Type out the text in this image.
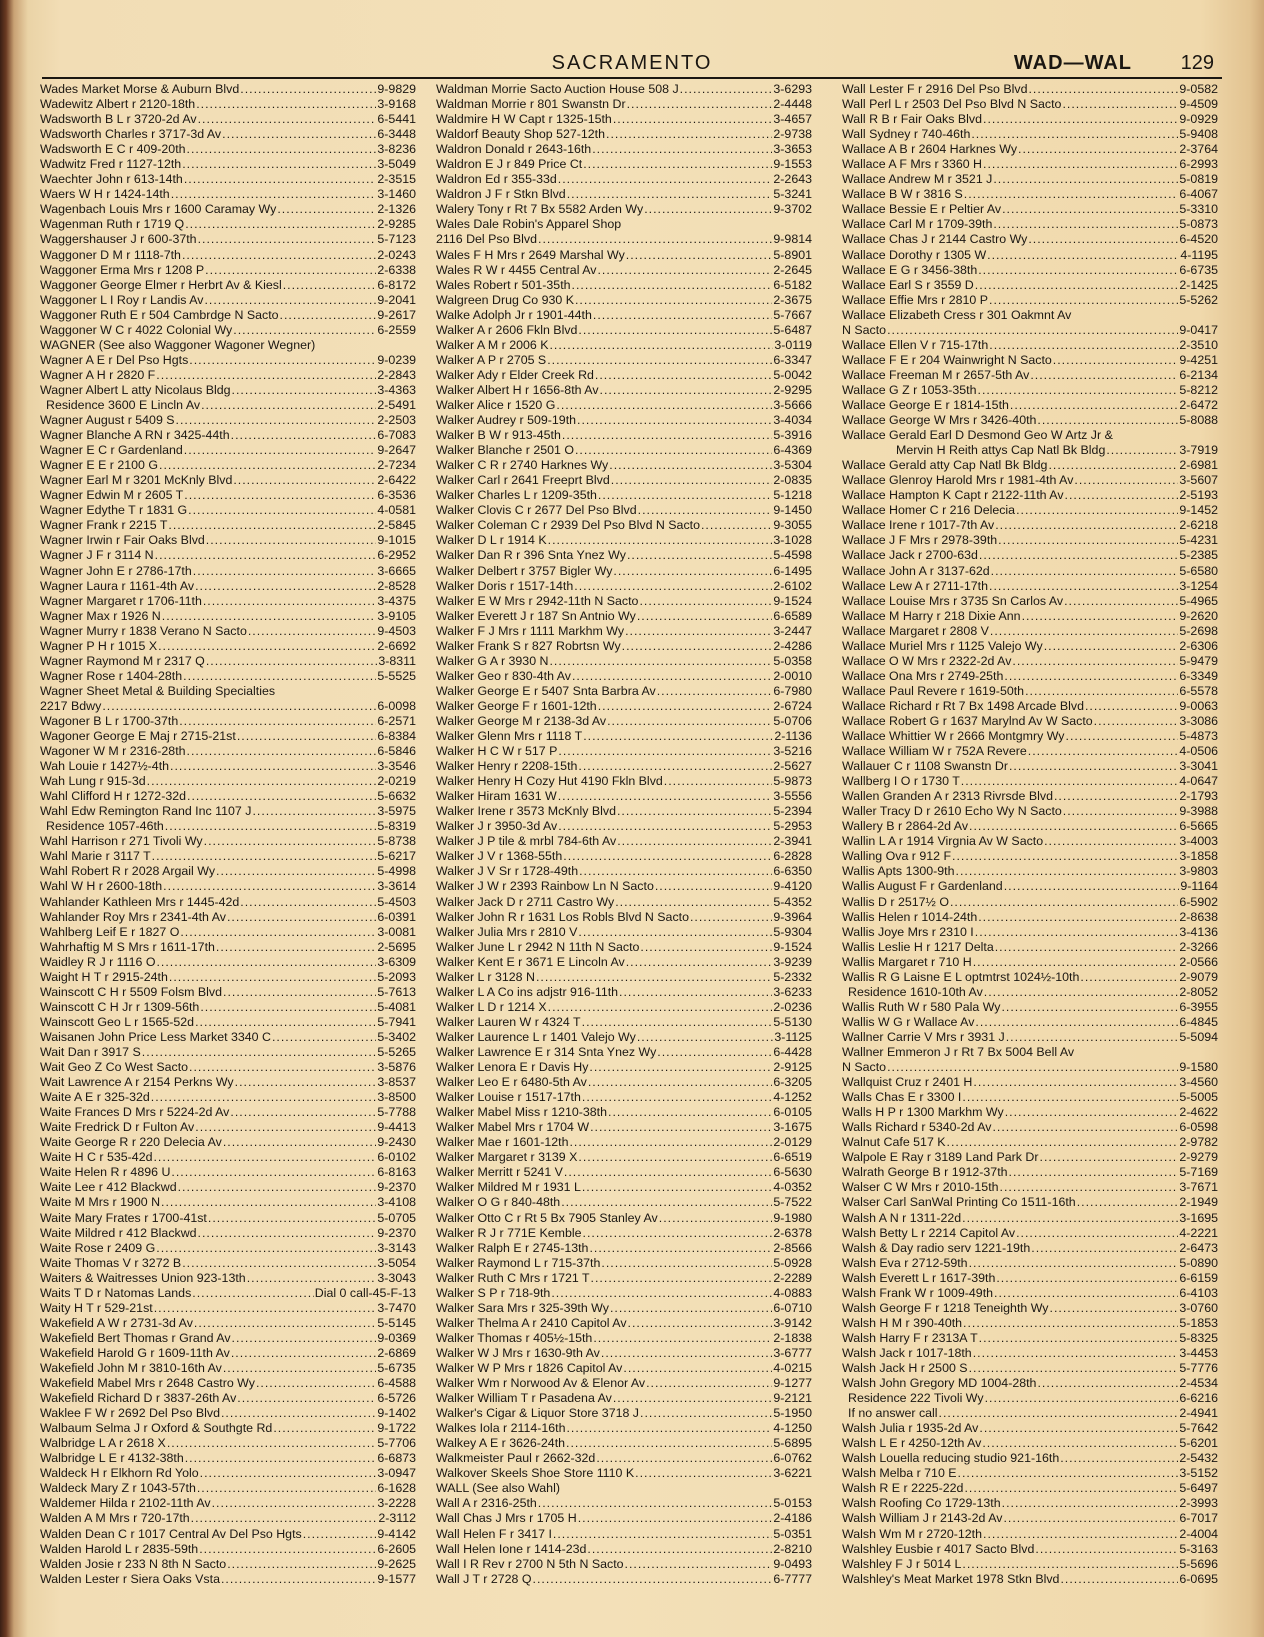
SACRAMENTO	WAD—WAL 129
Wades Market Morse & Auburn Blvd .....	9-9829
Wadewitz Albert r 2120-18th .....	3-9168
Wadsworth B L r 3720-2d Av .....	6-5441
Wadsworth Charles r 3717-3d Av .....	6-3448
Wadsworth E C r 409-20th .....	3-8236
Wadwitz Fred r 1127-12th .....	3-5049
Waechter John r 613-14th .....	2-3515
Waers W H r 1424-14th .....	3-1460
Wagenbach Louis Mrs r 1600 Caramay Wy .....	2-1326
Wagenman Ruth r 1719 Q .....	2-9285
Waggershauser J r 600-37th .....	5-7123
Waggoner D M r 1118-7th .....	2-0243
Waggoner Erma Mrs r 1208 P .....	2-6338
Waggoner George Elmer r Herbrt Av & Kiesl .....	6-8172
Waggoner L I Roy r Landis Av .....	9-2041
Waggoner Ruth E r 504 Cambrdge N Sacto .....	9-2617
Waggoner W C r 4022 Colonial Wy .....	6-2559
WAGNER (See also Waggoner Wagoner Wegner)
Wagner A E r Del Pso Hgts .....	9-0239
Wagner A H r 2820 F .....	2-2843
Wagner Albert L atty Nicolaus Bldg .....	3-4363
Residence 3600 E Lincln Av .....	2-5491
Wagner August r 5409 S .....	2-2503
Wagner Blanche A RN r 3425-44th .....	6-7083
Wagner E C r Gardenland .....	9-2647
Wagner E E r 2100 G .....	2-7234
Wagner Earl M r 3201 McKnly Blvd .....	2-6422
Wagner Edwin M r 2605 T .....	6-3536
Wagner Edythe T r 1831 G .....	4-0581
Wagner Frank r 2215 T .....	2-5845
Wagner Irwin r Fair Oaks Blvd .....	9-1015
Wagner J F r 3114 N .....	6-2952
Wagner John E r 2786-17th .....	3-6665
Wagner Laura r 1161-4th Av .....	2-8528
Wagner Margaret r 1706-11th .....	3-4375
Wagner Max r 1926 N .....	3-9105
Wagner Murry r 1838 Verano N Sacto .....	9-4503
Wagner P H r 1015 X .....	2-6692
Wagner Raymond M r 2317 Q .....	3-8311
Wagner Rose r 1404-28th .....	5-5525
Wagner Sheet Metal & Building Specialties
2217 Bdwy .....	6-0098
Wagoner B L r 1700-37th .....	6-2571
Wagoner George E Maj r 2715-21st .....	6-8384
Wagoner W M r 2316-28th .....	6-5846
Wah Louie r 1427½-4th .....	3-3546
Wah Lung r 915-3d .....	2-0219
Wahl Clifford H r 1272-32d .....	5-6632
Wahl Edw Remington Rand Inc 1107 J .....	3-5975
Residence 1057-46th .....	5-8319
Wahl Harrison r 271 Tivoli Wy .....	5-8738
Wahl Marie r 3117 T .....	5-6217
Wahl Robert R r 2028 Argail Wy .....	5-4998
Wahl W H r 2600-18th .....	3-3614
Wahlander Kathleen Mrs r 1445-42d .....	5-4503
Wahlander Roy Mrs r 2341-4th Av .....	6-0391
Wahlberg Leif E r 1827 O .....	3-0081
Wahrhaftig M S Mrs r 1611-17th .....	2-5695
Waidley R J r 1116 O .....	3-6309
Waight H T r 2915-24th .....	5-2093
Wainscott C H r 5509 Folsm Blvd .....	5-7613
Wainscott C H Jr r 1309-56th .....	5-4081
Wainscott Geo L r 1565-52d .....	5-7941
Waisanen John Price Less Market 3340 C .....	5-3402
Wait Dan r 3917 S .....	5-5265
Wait Geo Z Co West Sacto .....	3-5876
Wait Lawrence A r 2154 Perkns Wy .....	3-8537
Waite A E r 325-32d .....	3-8500
Waite Frances D Mrs r 5224-2d Av .....	5-7788
Waite Fredrick D r Fulton Av .....	9-4413
Waite George R r 220 Delecia Av .....	9-2430
Waite H C r 535-42d .....	6-0102
Waite Helen R r 4896 U .....	6-8163
Waite Lee r 412 Blackwd .....	9-2370
Waite M Mrs r 1900 N .....	3-4108
Waite Mary Frates r 1700-41st .....	5-0705
Waite Mildred r 412 Blackwd .....	9-2370
Waite Rose r 2409 G .....	3-3143
Waite Thomas V r 3272 B .....	3-5054
Waiters & Waitresses Union 923-13th .....	3-3043
Waits T D r Natomas Lands .....	Dial 0 call-45-F-13
Waity H T r 529-21st .....	3-7470
Wakefield A W r 2731-3d Av .....	5-5145
Wakefield Bert Thomas r Grand Av .....	9-0369
Wakefield Harold G r 1609-11th Av .....	2-6869
Wakefield John M r 3810-16th Av .....	5-6735
Wakefield Mabel Mrs r 2648 Castro Wy .....	6-4588
Wakefield Richard D r 3837-26th Av .....	6-5726
Waklee F W r 2692 Del Pso Blvd .....	9-1402
Walbaum Selma J r Oxford & Southgte Rd .....	9-1722
Walbridge L A r 2618 X .....	5-7706
Walbridge L E r 4132-38th .....	6-6873
Waldeck H r Elkhorn Rd Yolo .....	3-0947
Waldeck Mary Z r 1043-57th .....	6-1628
Waldemer Hilda r 2102-11th Av .....	3-2228
Walden A M Mrs r 720-17th .....	2-3112
Walden Dean C r 1017 Central Av Del Pso Hgts .....	9-4142
Walden Harold L r 2835-59th .....	6-2605
Walden Josie r 233 N 8th N Sacto .....	9-2625
Walden Lester r Siera Oaks Vsta .....	9-1577
Waldman Morrie Sacto Auction House 508 J .....	3-6293
Waldman Morrie r 801 Swanstn Dr .....	2-4448
Waldmire H W Capt r 1325-15th .....	3-4657
Waldorf Beauty Shop 527-12th .....	2-9738
Waldron Donald r 2643-16th .....	3-3653
Waldron E J r 849 Price Ct .....	9-1553
Waldron Ed r 355-33d .....	2-2643
Waldron J F r Stkn Blvd .....	5-3241
Walery Tony r Rt 7 Bx 5582 Arden Wy .....	9-3702
Wales Dale Robin's Apparel Shop
2116 Del Pso Blvd .....	9-9814
Wales F H Mrs r 2649 Marshal Wy .....	5-8901
Wales R W r 4455 Central Av .....	2-2645
Wales Robert r 501-35th .....	6-5182
Walgreen Drug Co 930 K .....	2-3675
Walke Adolph Jr r 1901-44th .....	5-7667
Walker A r 2606 Fkln Blvd .....	5-6487
Walker A M r 2006 K .....	3-0119
Walker A P r 2705 S .....	6-3347
Walker Ady r Elder Creek Rd .....	5-0042
Walker Albert H r 1656-8th Av .....	2-9295
Walker Alice r 1520 G .....	3-5666
Walker Audrey r 509-19th .....	3-4034
Walker B W r 913-45th .....	5-3916
Walker Blanche r 2501 O .....	6-4369
Walker C R r 2740 Harknes Wy .....	3-5304
Walker Carl r 2641 Freeprt Blvd .....	2-0835
Walker Charles L r 1209-35th .....	5-1218
Walker Clovis C r 2677 Del Pso Blvd .....	9-1450
Walker Coleman C r 2939 Del Pso Blvd N Sacto .....	9-3055
Walker D L r 1914 K .....	3-1028
Walker Dan R r 396 Snta Ynez Wy .....	5-4598
Walker Delbert r 3757 Bigler Wy .....	6-1495
Walker Doris r 1517-14th .....	2-6102
Walker E W Mrs r 2942-11th N Sacto .....	9-1524
Walker Everett J r 187 Sn Antnio Wy .....	6-6589
Walker F J Mrs r 1111 Markhm Wy .....	3-2447
Walker Frank S r 827 Robrtsn Wy .....	2-4286
Walker G A r 3930 N .....	5-0358
Walker Geo r 830-4th Av .....	2-0010
Walker George E r 5407 Snta Barbra Av .....	6-7980
Walker George F r 1601-12th .....	2-6724
Walker George M r 2138-3d Av .....	5-0706
Walker Glenn Mrs r 1118 T .....	2-1136
Walker H C W r 517 P .....	3-5216
Walker Henry r 2208-15th .....	2-5627
Walker Henry H Cozy Hut 4190 Fkln Blvd .....	5-9873
Walker Hiram 1631 W .....	3-5556
Walker Irene r 3573 McKnly Blvd .....	5-2394
Walker J r 3950-3d Av .....	5-2953
Walker J P tile & mrbl 784-6th Av .....	2-3941
Walker J V r 1368-55th .....	6-2828
Walker J V Sr r 1728-49th .....	6-6350
Walker J W r 2393 Rainbow Ln N Sacto .....	9-4120
Walker Jack D r 2711 Castro Wy .....	5-4352
Walker John R r 1631 Los Robls Blvd N Sacto .....	9-3964
Walker Julia Mrs r 2810 V .....	5-9304
Walker June L r 2942 N 11th N Sacto .....	9-1524
Walker Kent E r 3671 E Lincoln Av .....	3-9239
Walker L r 3128 N .....	5-2332
Walker L A Co ins adjstr 916-11th .....	3-6233
Walker L D r 1214 X .....	2-0236
Walker Lauren W r 4324 T .....	5-5130
Walker Laurence L r 1401 Valejo Wy .....	3-1125
Walker Lawrence E r 314 Snta Ynez Wy .....	6-4428
Walker Lenora E r Davis Hy .....	2-9125
Walker Leo E r 6480-5th Av .....	6-3205
Walker Louise r 1517-17th .....	4-1252
Walker Mabel Miss r 1210-38th .....	6-0105
Walker Mabel Mrs r 1704 W .....	3-1675
Walker Mae r 1601-12th .....	2-0129
Walker Margaret r 3139 X .....	6-6519
Walker Merritt r 5241 V .....	6-5630
Walker Mildred M r 1931 L .....	4-0352
Walker O G r 840-48th .....	5-7522
Walker Otto C r Rt 5 Bx 7905 Stanley Av .....	9-1980
Walker R J r 771E Kemble .....	2-6378
Walker Ralph E r 2745-13th .....	2-8566
Walker Raymond L r 715-37th .....	5-0928
Walker Ruth C Mrs r 1721 T .....	2-2289
Walker S P r 718-9th .....	4-0883
Walker Sara Mrs r 325-39th Wy .....	6-0710
Walker Thelma A r 2410 Capitol Av .....	3-9142
Walker Thomas r 405½-15th .....	2-1838
Walker W J Mrs r 1630-9th Av .....	3-6777
Walker W P Mrs r 1826 Capitol Av .....	4-0215
Walker Wm r Norwood Av & Elenor Av .....	9-1277
Walker William T r Pasadena Av .....	9-2121
Walker's Cigar & Liquor Store 3718 J .....	5-1950
Walkes Iola r 2114-16th .....	4-1250
Walkey A E r 3626-24th .....	5-6895
Walkmeister Paul r 2662-32d .....	6-0762
Walkover Skeels Shoe Store 1110 K .....	3-6221
WALL (See also Wahl)
Wall A r 2316-25th .....	5-0153
Wall Chas J Mrs r 1705 H .....	2-4186
Wall Helen F r 3417 I .....	5-0351
Wall Helen Ione r 1414-23d .....	2-8210
Wall I R Rev r 2700 N 5th N Sacto .....	9-0493
Wall J T r 2728 Q .....	6-7777
Wall Lester F r 2916 Del Pso Blvd .....	9-0582
Wall Perl L r 2503 Del Pso Blvd N Sacto .....	9-4509
Wall R B r Fair Oaks Blvd .....	9-0929
Wall Sydney r 740-46th .....	5-9408
Wallace A B r 2604 Harknes Wy .....	2-3764
Wallace A F Mrs r 3360 H .....	6-2993
Wallace Andrew M r 3521 J .....	5-0819
Wallace B W r 3816 S .....	6-4067
Wallace Bessie E r Peltier Av .....	5-3310
Wallace Carl M r 1709-39th .....	5-0873
Wallace Chas J r 2144 Castro Wy .....	6-4520
Wallace Dorothy r 1305 W .....	4-1195
Wallace E G r 3456-38th .....	6-6735
Wallace Earl S r 3559 D .....	2-1425
Wallace Effie Mrs r 2810 P .....	5-5262
Wallace Elizabeth Cress r 301 Oakmnt Av
N Sacto .....	9-0417
Wallace Ellen V r 715-17th .....	2-3510
Wallace F E r 204 Wainwright N Sacto .....	9-4251
Wallace Freeman M r 2657-5th Av .....	6-2134
Wallace G Z r 1053-35th .....	5-8212
Wallace George E r 1814-15th .....	2-6472
Wallace George W Mrs r 3426-40th .....	5-8088
Wallace Gerald Earl D Desmond Geo W Artz Jr &
Mervin H Reith attys Cap Natl Bk Bldg .....	3-7919
Wallace Gerald atty Cap Natl Bk Bldg .....	2-6981
Wallace Glenroy Harold Mrs r 1981-4th Av .....	3-5607
Wallace Hampton K Capt r 2122-11th Av .....	2-5193
Wallace Homer C r 216 Delecia .....	9-1452
Wallace Irene r 1017-7th Av .....	2-6218
Wallace J F Mrs r 2978-39th .....	5-4231
Wallace Jack r 2700-63d .....	5-2385
Wallace John A r 3137-62d .....	5-6580
Wallace Lew A r 2711-17th .....	3-1254
Wallace Louise Mrs r 3735 Sn Carlos Av .....	5-4965
Wallace M Harry r 218 Dixie Ann .....	9-2620
Wallace Margaret r 2808 V .....	5-2698
Wallace Muriel Mrs r 1125 Valejo Wy .....	2-6306
Wallace O W Mrs r 2322-2d Av .....	5-9479
Wallace Ona Mrs r 2749-25th .....	6-3349
Wallace Paul Revere r 1619-50th .....	6-5578
Wallace Richard r Rt 7 Bx 1498 Arcade Blvd .....	9-0063
Wallace Robert G r 1637 Marylnd Av W Sacto .....	3-3086
Wallace Whittier W r 2666 Montgmry Wy .....	5-4873
Wallace William W r 752A Revere .....	4-0506
Wallauer C r 1108 Swanstn Dr .....	3-3041
Wallberg I O r 1730 T .....	4-0647
Wallen Granden A r 2313 Rivrsde Blvd .....	2-1793
Waller Tracy D r 2610 Echo Wy N Sacto .....	9-3988
Wallery B r 2864-2d Av .....	6-5665
Wallin L A r 1914 Virgnia Av W Sacto .....	3-4003
Walling Ova r 912 F .....	3-1858
Wallis Apts 1300-9th .....	3-9803
Wallis August F r Gardenland .....	9-1164
Wallis D r 2517½ O .....	6-5902
Wallis Helen r 1014-24th .....	2-8638
Wallis Joye Mrs r 2310 I .....	3-4136
Wallis Leslie H r 1217 Delta .....	2-3266
Wallis Margaret r 710 H .....	2-0566
Wallis R G Laisne E L optmtrst 1024½-10th .....	2-9079
Residence 1610-10th Av .....	2-8052
Wallis Ruth W r 580 Pala Wy .....	6-3955
Wallis W G r Wallace Av .....	6-4845
Wallner Carrie V Mrs r 3931 J .....	5-5094
Wallner Emmeron J r Rt 7 Bx 5004 Bell Av
N Sacto .....	9-1580
Wallquist Cruz r 2401 H .....	3-4560
Walls Chas E r 3300 I .....	5-5005
Walls H P r 1300 Markhm Wy .....	2-4622
Walls Richard r 5340-2d Av .....	6-0598
Walnut Cafe 517 K .....	2-9782
Walpole E Ray r 3189 Land Park Dr .....	2-9279
Walrath George B r 1912-37th .....	5-7169
Walser C W Mrs r 2010-15th .....	3-7671
Walser Carl SanWal Printing Co 1511-16th .....	2-1949
Walsh A N r 1311-22d .....	3-1695
Walsh Betty L r 2214 Capitol Av .....	4-2221
Walsh & Day radio serv 1221-19th .....	2-6473
Walsh Eva r 2712-59th .....	5-0890
Walsh Everett L r 1617-39th .....	6-6159
Walsh Frank W r 1009-49th .....	6-4103
Walsh George F r 1218 Teneighth Wy .....	3-0760
Walsh H M r 390-40th .....	5-1853
Walsh Harry F r 2313A T .....	5-8325
Walsh Jack r 1017-18th .....	3-4453
Walsh Jack H r 2500 S .....	5-7776
Walsh John Gregory MD 1004-28th .....	2-4534
Residence 222 Tivoli Wy .....	6-6216
If no answer call .....	2-4941
Walsh Julia r 1935-2d Av .....	5-7642
Walsh L E r 4250-12th Av .....	5-6201
Walsh Louella reducing studio 921-16th .....	2-5432
Walsh Melba r 710 E .....	3-5152
Walsh R E r 2225-22d .....	5-6497
Walsh Roofing Co 1729-13th .....	2-3993
Walsh William J r 2143-2d Av .....	6-7017
Walsh Wm M r 2720-12th .....	2-4004
Walshley Eusbie r 4017 Sacto Blvd .....	5-3163
Walshley F J r 5014 L .....	5-5696
Walshley's Meat Market 1978 Stkn Blvd .....	6-0695
